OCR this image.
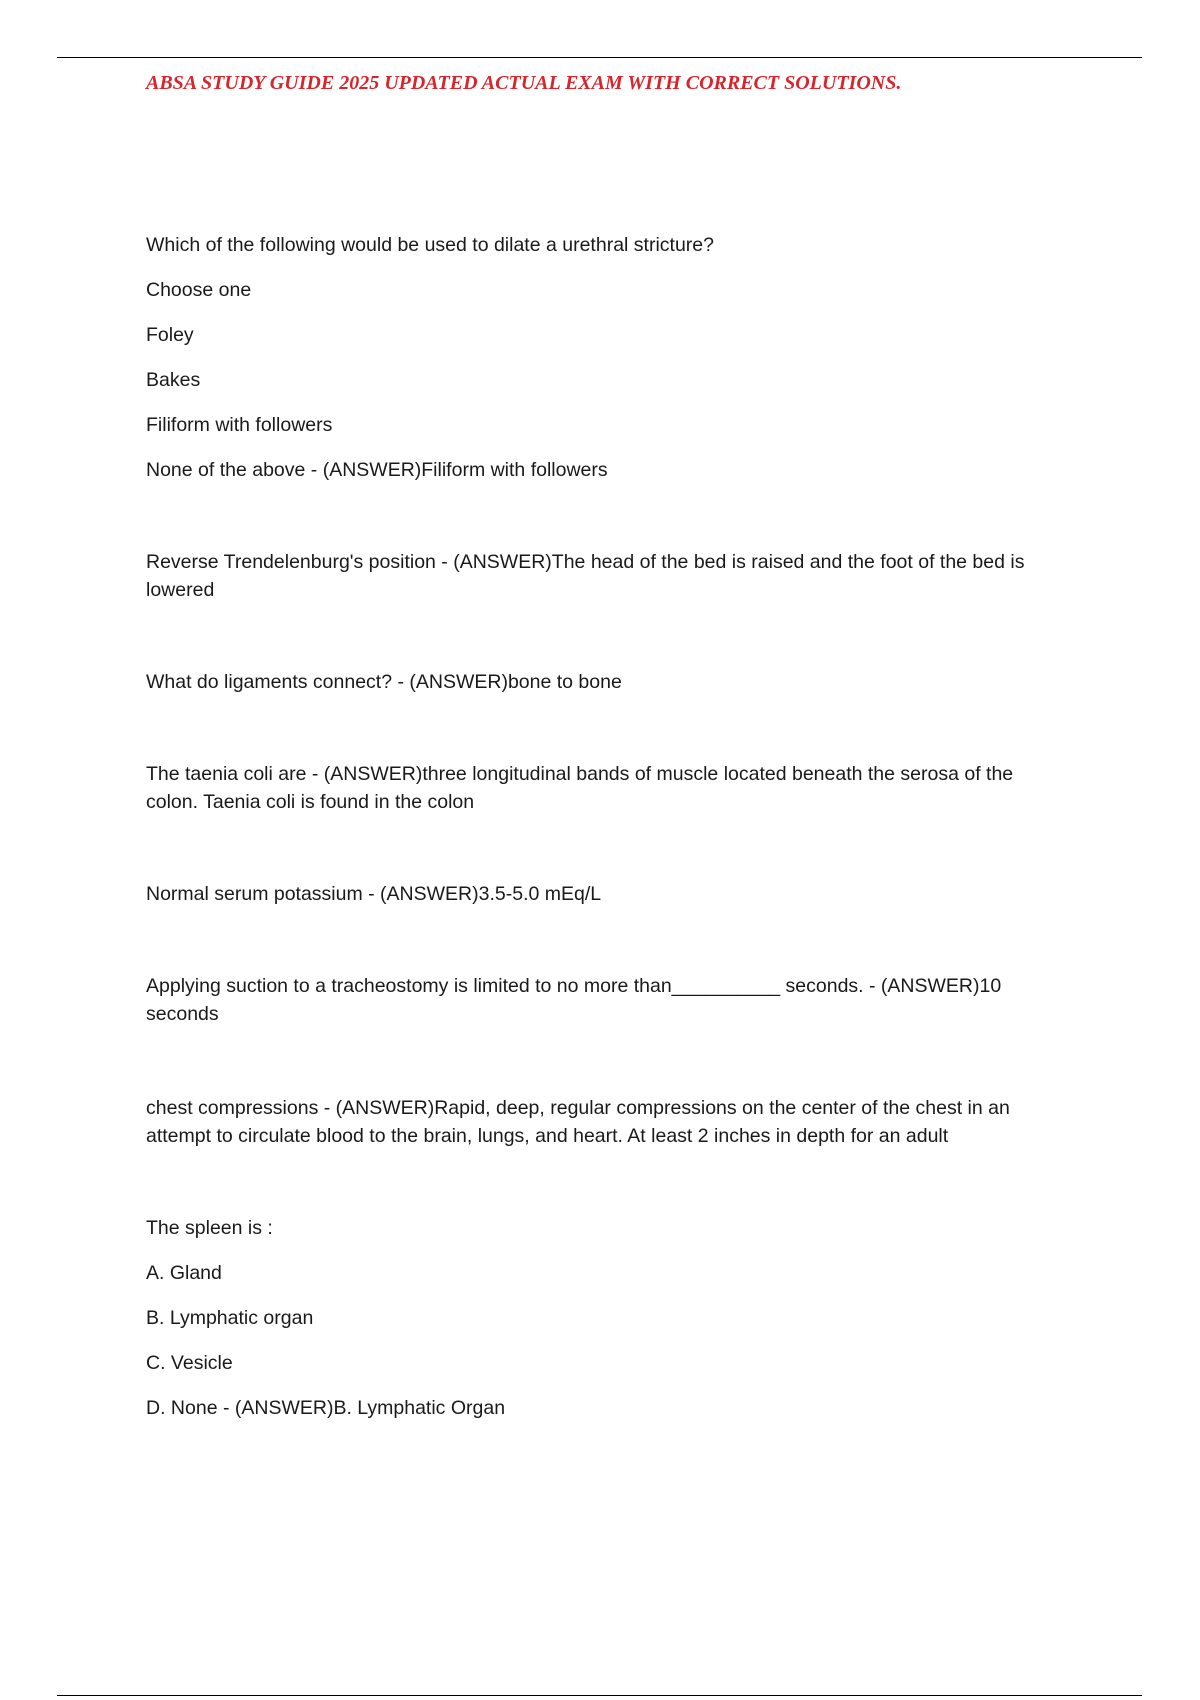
ABSA STUDY GUIDE 2025 UPDATED ACTUAL EXAM WITH CORRECT SOLUTIONS.

Which of the following would be used to dilate a urethral stricture?

Choose one

Foley

Bakes

Filiform with followers

None of the above - (ANSWER)Filiform with followers

Reverse Trendelenburg's position - (ANSWER)The head of the bed is raised and the foot of the bed is lowered

What do ligaments connect? - (ANSWER)bone to bone

The taenia coli are - (ANSWER)three longitudinal bands of muscle located beneath the serosa of the colon. Taenia coli is found in the colon

Normal serum potassium - (ANSWER)3.5-5.0 mEq/L

Applying suction to a tracheostomy is limited to no more than__________ seconds. - (ANSWER)10 seconds

chest compressions - (ANSWER)Rapid, deep, regular compressions on the center of the chest in an attempt to circulate blood to the brain, lungs, and heart. At least 2 inches in depth for an adult

The spleen is :

A. Gland

B. Lymphatic organ

C. Vesicle

D. None - (ANSWER)B. Lymphatic Organ
